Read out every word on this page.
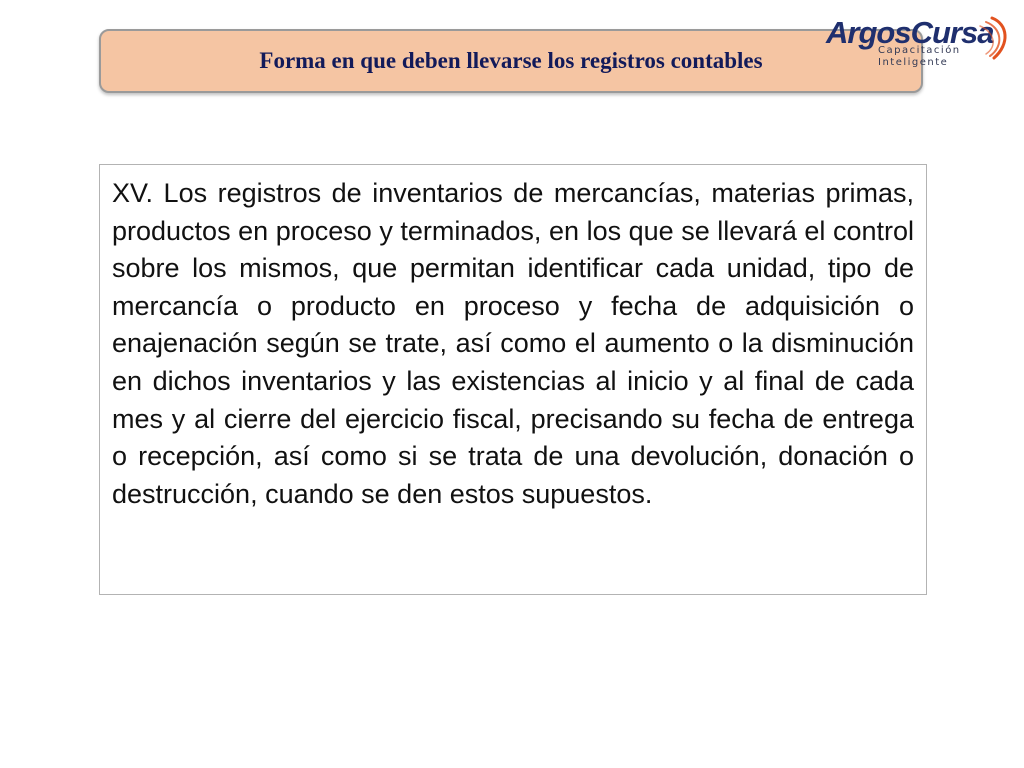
Forma en que deben llevarse los registros contables
ArgosCursa
Capacitación
Inteligente

XV. Los registros de inventarios de mercancías, materias primas, productos en proceso y terminados, en los que se llevará el control sobre los mismos, que permitan identificar cada unidad, tipo de mercancía o producto en proceso y fecha de adquisición o enajenación según se trate, así como el aumento o la disminución en dichos inventarios y las existencias al inicio y al final de cada mes y al cierre del ejercicio fiscal, precisando su fecha de entrega o recepción, así como si se trata de una devolución, donación o destrucción, cuando se den estos supuestos.
